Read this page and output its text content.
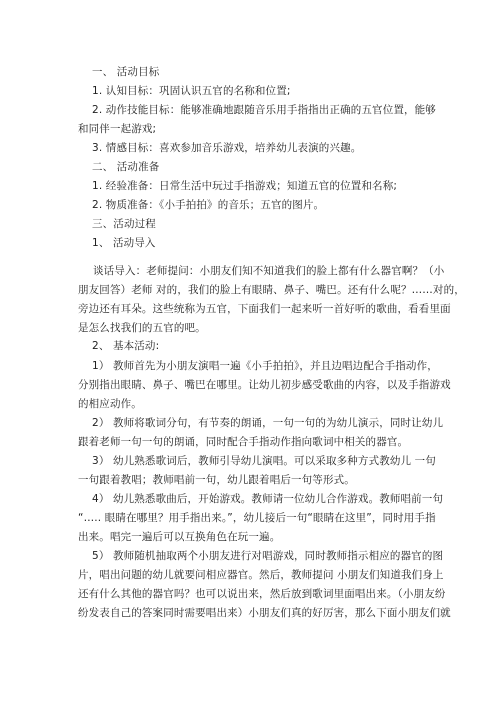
一、 活动目标
1. 认知目标：巩固认识五官的名称和位置;
2. 动作技能目标：能够准确地跟随音乐用手指指出正确的五官位置，能够
和同伴一起游戏;
3. 情感目标：喜欢参加音乐游戏，培养幼儿表演的兴趣。
二、 活动准备
1. 经验准备：日常生活中玩过手指游戏；知道五官的位置和名称;
2. 物质准备：《小手拍拍》的音乐；五官的图片。
三、活动过程
1、 活动导入
谈话导入：老师提问：小朋友们知不知道我们的脸上都有什么器官啊？（小
朋友回答）老师 对的，我们的脸上有眼睛、鼻子、嘴巴。还有什么呢？……对的，
旁边还有耳朵。这些统称为五官，下面我们一起来听一首好听的歌曲，看看里面
是怎么找我们的五官的吧。
2、 基本活动:
1） 教师首先为小朋友演唱一遍《小手拍拍》，并且边唱边配合手指动作，
分别指出眼睛、鼻子、嘴巴在哪里。让幼儿初步感受歌曲的内容，以及手指游戏
的相应动作。
2） 教师将歌词分句，有节奏的朗诵，一句一句的为幼儿演示，同时让幼儿
跟着老师一句一句的朗诵，同时配合手指动作指向歌词中相关的器官。
3） 幼儿熟悉歌词后，教师引导幼儿演唱。可以采取多种方式教幼儿 一句
一句跟着教唱；教师唱前一句，幼儿跟着唱后一句等形式。
4） 幼儿熟悉歌曲后，开始游戏。教师请一位幼儿合作游戏。教师唱前一句
“….. 眼睛在哪里？用手指出来。”，幼儿接后一句“眼睛在这里”，同时用手指
出来。唱完一遍后可以互换角色在玩一遍。
5） 教师随机抽取两个小朋友进行对唱游戏，同时教师指示相应的器官的图
片，唱出问题的幼儿就要问相应器官。然后，教师提问 小朋友们知道我们身上
还有什么其他的器官吗？也可以说出来，然后放到歌词里面唱出来。（小朋友纷
纷发表自己的答案同时需要唱出来）小朋友们真的好厉害，那么下面小朋友们就
